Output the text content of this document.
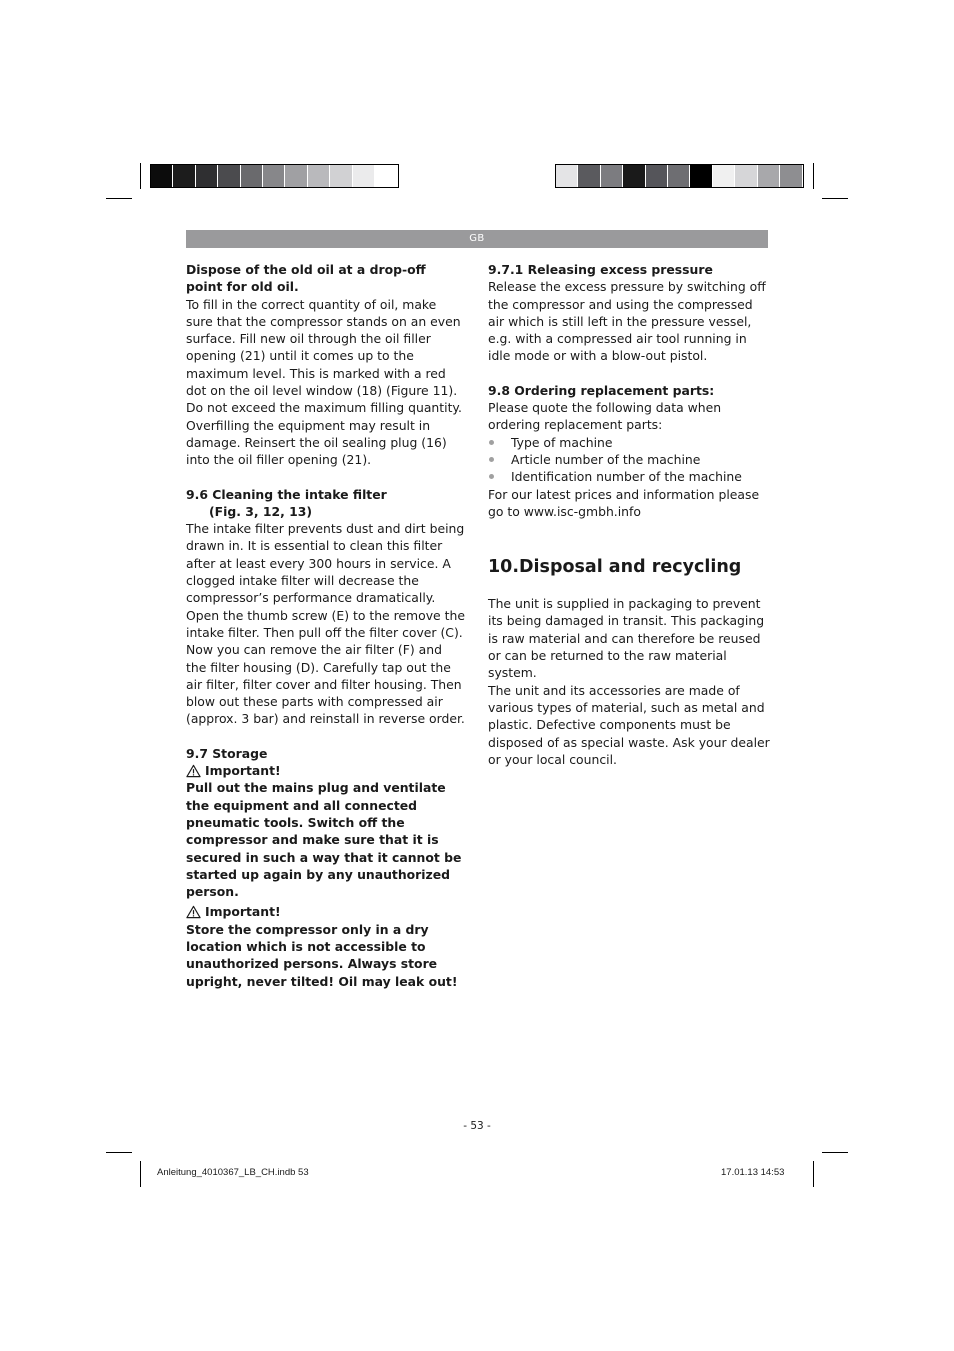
GB

Dispose of the old oil at a drop-off point for old oil.

To fill in the correct quantity of oil, make sure that the compressor stands on an even surface. Fill new oil through the oil filler opening (21) until it comes up to the maximum level. This is marked with a red dot on the oil level window (18) (Figure 11). Do not exceed the maximum filling quantity. Overfilling the equipment may result in damage. Reinsert the oil sealing plug (16) into the oil filler opening (21).

9.6 Cleaning the intake filter

(Fig. 3, 12, 13)

The intake filter prevents dust and dirt being drawn in. It is essential to clean this filter after at least every 300 hours in service. A clogged intake filter will decrease the compressor’s performance dramatically. Open the thumb screw (E) to the remove the intake filter. Then pull off the filter cover (C). Now you can remove the air filter (F) and the filter housing (D). Carefully tap out the air filter, filter cover and filter housing. Then blow out these parts with compressed air (approx. 3 bar) and reinstall in reverse order.

9.7 Storage

Important!

Pull out the mains plug and ventilate the equipment and all connected pneumatic tools. Switch off the compressor and make sure that it is secured in such a way that it cannot be started up again by any unauthorized person.

Important!

Store the compressor only in a dry location which is not accessible to unauthorized persons. Always store upright, never tilted! Oil may leak out!

9.7.1 Releasing excess pressure

Release the excess pressure by switching off the compressor and using the compressed air which is still left in the pressure vessel, e.g. with a compressed air tool running in idle mode or with a blow-out pistol.

9.8 Ordering replacement parts:

Please quote the following data when ordering replacement parts:

Type of machine
Article number of the machine
Identification number of the machine

For our latest prices and information please go to www.isc-gmbh.info

10.Disposal and recycling

The unit is supplied in packaging to prevent its being damaged in transit. This packaging is raw material and can therefore be reused or can be returned to the raw material system.

The unit and its accessories are made of various types of material, such as metal and plastic. Defective components must be disposed of as special waste. Ask your dealer or your local council.

- 53 -
Anleitung_4010367_LB_CH.indb 53	17.01.13 14:53
